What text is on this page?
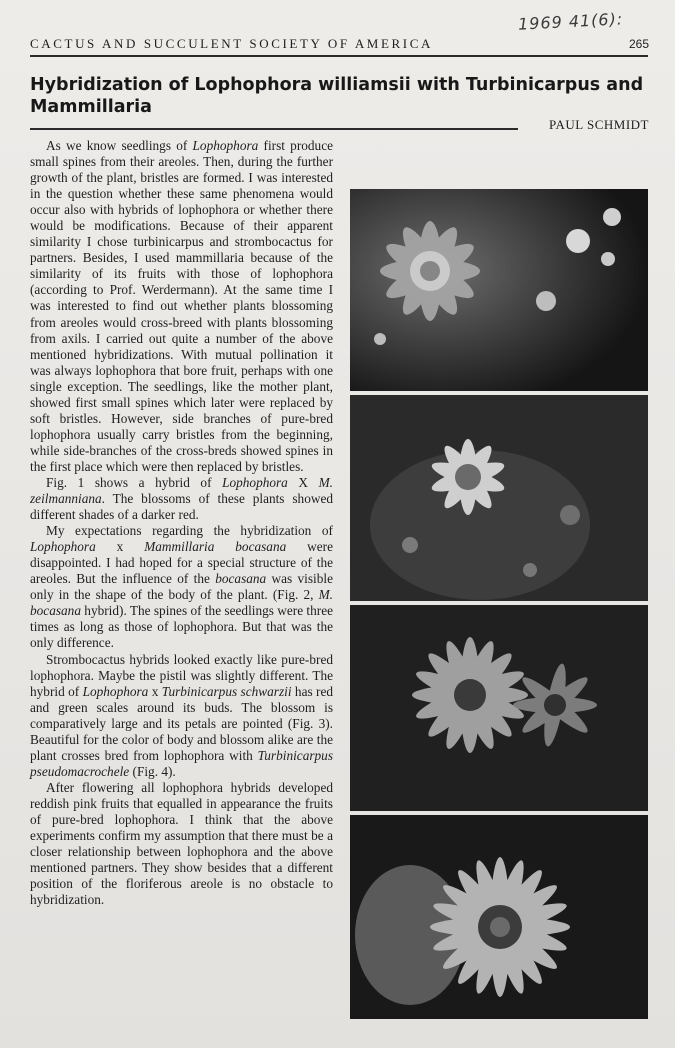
1969 41(6):
CACTUS AND SUCCULENT SOCIETY OF AMERICA	265
Hybridization of Lophophora williamsii with Turbinicarpus and Mammillaria
PAUL SCHMIDT

As we know seedlings of Lophophora first produce small spines from their areoles. Then, during the further growth of the plant, bristles are formed. I was interested in the question whether these same phenomena would occur also with hybrids of lophophora or whether there would be modifications. Because of their apparent similarity I chose turbinicarpus and strombocactus for partners. Besides, I used mammillaria because of the similarity of its fruits with those of lophophora (according to Prof. Werdermann). At the same time I was interested to find out whether plants blossoming from areoles would cross-breed with plants blossoming from axils. I carried out quite a number of the above mentioned hybridizations. With mutual pollination it was always lophophora that bore fruit, perhaps with one single exception. The seedlings, like the mother plant, showed first small spines which later were replaced by soft bristles. However, side branches of pure-bred lophophora usually carry bristles from the beginning, while side-branches of the cross-breds showed spines in the first place which were then replaced by bristles.

Fig. 1 shows a hybrid of Lophophora X M. zeilmanniana. The blossoms of these plants showed different shades of a darker red.

My expectations regarding the hybridization of Lophophora x Mammillaria bocasana were disappointed. I had hoped for a special structure of the areoles. But the influence of the bocasana was visible only in the shape of the body of the plant. (Fig. 2, M. bocasana hybrid). The spines of the seedlings were three times as long as those of lophophora. But that was the only difference.

Strombocactus hybrids looked exactly like pure-bred lophophora. Maybe the pistil was slightly different. The hybrid of Lophophora x Turbinicarpus schwarzii has red and green scales around its buds. The blossom is comparatively large and its petals are pointed (Fig. 3). Beautiful for the color of body and blossom alike are the plant crosses bred from lophophora with Turbinicarpus pseudomacrochele (Fig. 4).

After flowering all lophophora hybrids developed reddish pink fruits that equalled in appearance the fruits of pure-bred lophophora. I think that the above experiments confirm my assumption that there must be a closer relationship between lophophora and the above mentioned partners. They show besides that a different position of the floriferous areole is no obstacle to hybridization.
